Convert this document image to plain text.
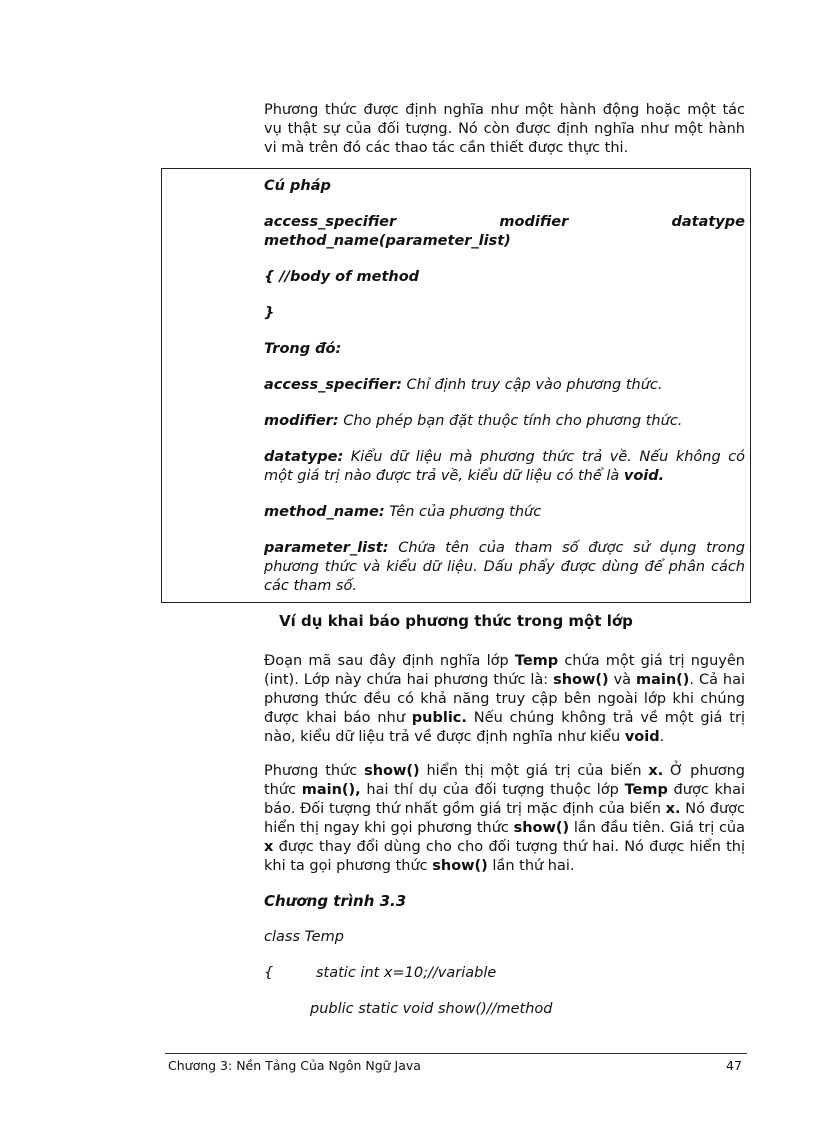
Phương thức được định nghĩa như một hành động hoặc một tác vụ thật sự của đối tượng. Nó còn được định nghĩa như một hành vi mà trên đó các thao tác cần thiết được thực thi.

Cú pháp

access_specifier	modifier	datatype
method_name(parameter_list)

{ //body of method

}

Trong đó:

access_specifier: Chỉ định truy cập vào phương thức.

modifier: Cho phép bạn đặt thuộc tính cho phương thức.

datatype: Kiểu dữ liệu mà phương thức trả về. Nếu không có một giá trị nào được trả về, kiểu dữ liệu có thể là void.

method_name: Tên của phương thức

parameter_list: Chứa tên của tham số được sử dụng trong phương thức và kiểu dữ liệu. Dấu phẩy được dùng để phân cách các tham số.

Ví dụ khai báo phương thức trong một lớp

Đoạn mã sau đây định nghĩa lớp Temp chứa một giá trị nguyên (int). Lớp này chứa hai phương thức là: show() và main(). Cả hai phương thức đều có khả năng truy cập bên ngoài lớp khi chúng được khai báo như public. Nếu chúng không trả về một giá trị nào, kiểu dữ liệu trả về được định nghĩa như kiểu void.

Phương thức show() hiển thị một giá trị của biến x. Ở phương thức main(), hai thí dụ của đối tượng thuộc lớp Temp được khai báo. Đối tượng thứ nhất gồm giá trị mặc định của biến x. Nó được hiển thị ngay khi gọi phương thức show() lần đầu tiên. Giá trị của x được thay đổi dùng cho cho đối tượng thứ hai. Nó được hiển thị khi ta gọi phương thức show() lần thứ hai.

Chương trình 3.3
class Temp
{	static int x=10;//variable
public static void show()//method
Chương 3: Nền Tảng Của Ngôn Ngữ Java	47
